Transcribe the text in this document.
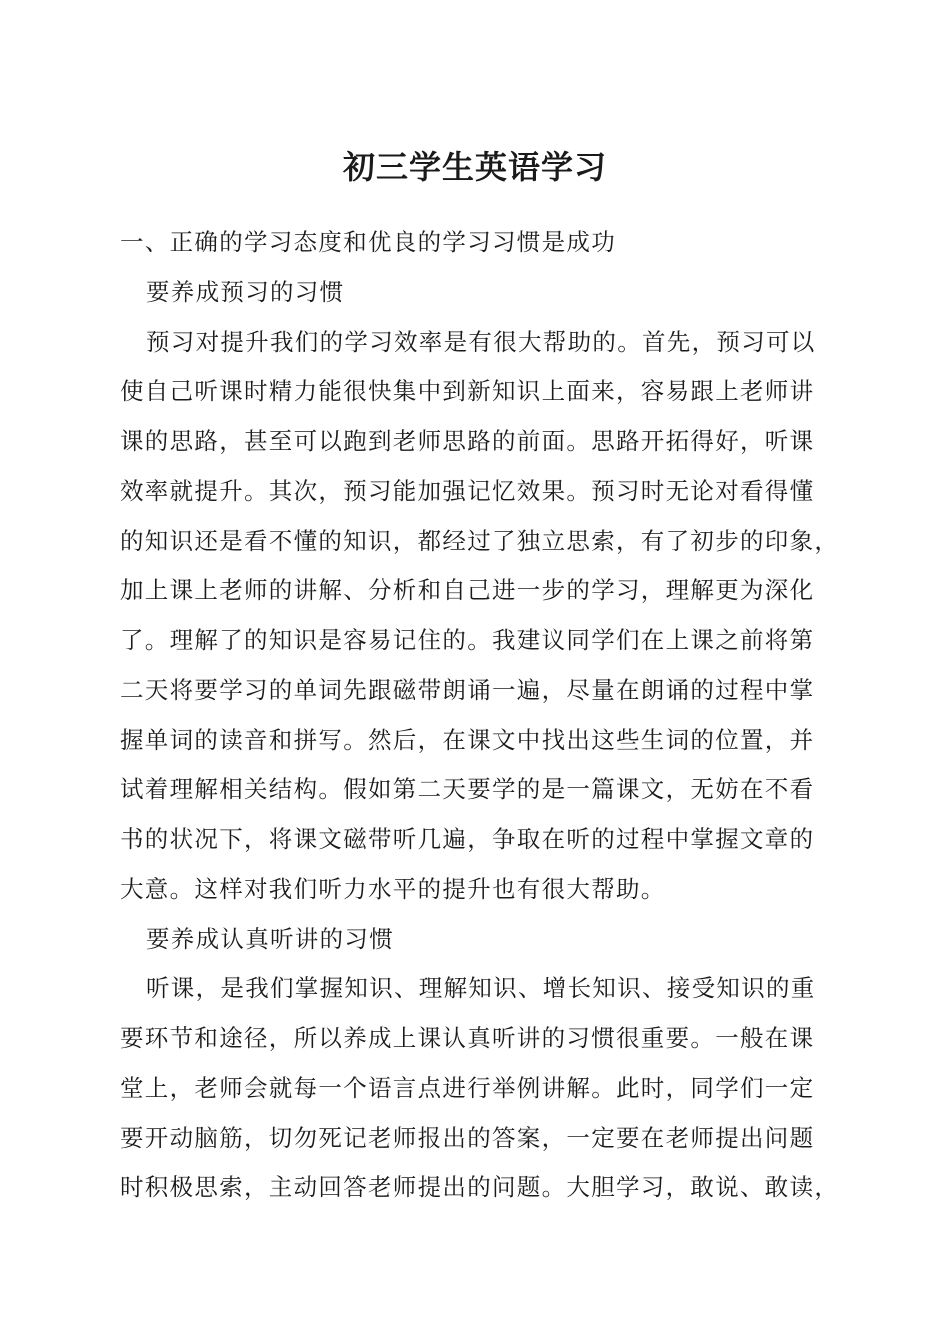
初三学生英语学习
一、正确的学习态度和优良的学习习惯是成功
要养成预习的习惯
预习对提升我们的学习效率是有很大帮助的。首先，预习可以
使自己听课时精力能很快集中到新知识上面来，容易跟上老师讲
课的思路，甚至可以跑到老师思路的前面。思路开拓得好，听课
效率就提升。其次，预习能加强记忆效果。预习时无论对看得懂
的知识还是看不懂的知识，都经过了独立思索，有了初步的印象，
加上课上老师的讲解、分析和自己进一步的学习，理解更为深化
了。理解了的知识是容易记住的。我建议同学们在上课之前将第
二天将要学习的单词先跟磁带朗诵一遍，尽量在朗诵的过程中掌
握单词的读音和拼写。然后，在课文中找出这些生词的位置，并
试着理解相关结构。假如第二天要学的是一篇课文，无妨在不看
书的状况下，将课文磁带听几遍，争取在听的过程中掌握文章的
大意。这样对我们听力水平的提升也有很大帮助。
要养成认真听讲的习惯
听课，是我们掌握知识、理解知识、增长知识、接受知识的重
要环节和途径，所以养成上课认真听讲的习惯很重要。一般在课
堂上，老师会就每一个语言点进行举例讲解。此时，同学们一定
要开动脑筋，切勿死记老师报出的答案，一定要在老师提出问题
时积极思索，主动回答老师提出的问题。大胆学习，敢说、敢读，
